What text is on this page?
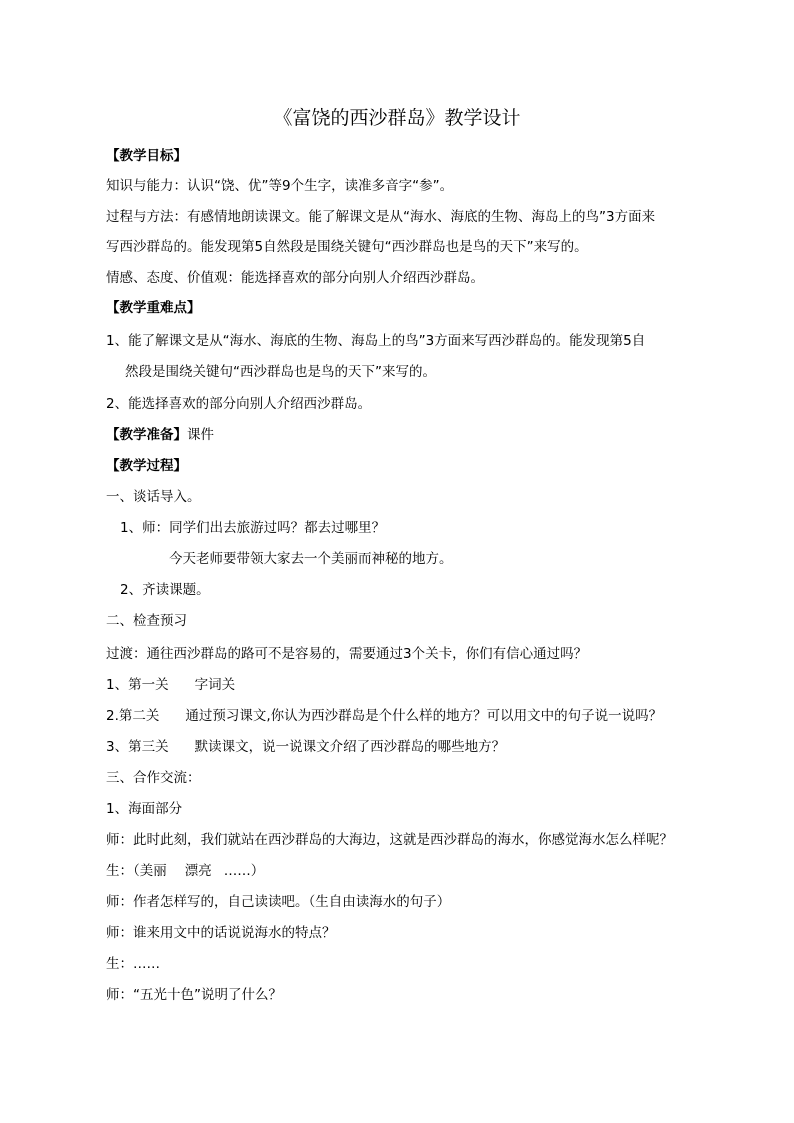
《富饶的西沙群岛》教学设计
【教学目标】
知识与能力：认识“饶、优”等9个生字，读准多音字“参”。
过程与方法：有感情地朗读课文。能了解课文是从“海水、海底的生物、海岛上的鸟”3方面来
写西沙群岛的。能发现第5自然段是围绕关键句“西沙群岛也是鸟的天下”来写的。
情感、态度、价值观：能选择喜欢的部分向别人介绍西沙群岛。
【教学重难点】
1、能了解课文是从“海水、海底的生物、海岛上的鸟”3方面来写西沙群岛的。能发现第5自
然段是围绕关键句“西沙群岛也是鸟的天下”来写的。
2、能选择喜欢的部分向别人介绍西沙群岛。
【教学准备】课件
【教学过程】
一、谈话导入。
1、师：同学们出去旅游过吗？都去过哪里？
今天老师要带领大家去一个美丽而神秘的地方。
2、齐读课题。
二、检查预习
过渡：通往西沙群岛的路可不是容易的，需要通过3个关卡，你们有信心通过吗？
1、第一关 字词关
2.第二关 通过预习课文,你认为西沙群岛是个什么样的地方？可以用文中的句子说一说吗？
3、第三关 默读课文，说一说课文介绍了西沙群岛的哪些地方？
三、合作交流：
1、海面部分
师：此时此刻，我们就站在西沙群岛的大海边，这就是西沙群岛的海水，你感觉海水怎么样呢？
生：（美丽 漂亮 ……）
师：作者怎样写的，自己读读吧。（生自由读海水的句子）
师：谁来用文中的话说说海水的特点？
生：……
师：“五光十色”说明了什么？
